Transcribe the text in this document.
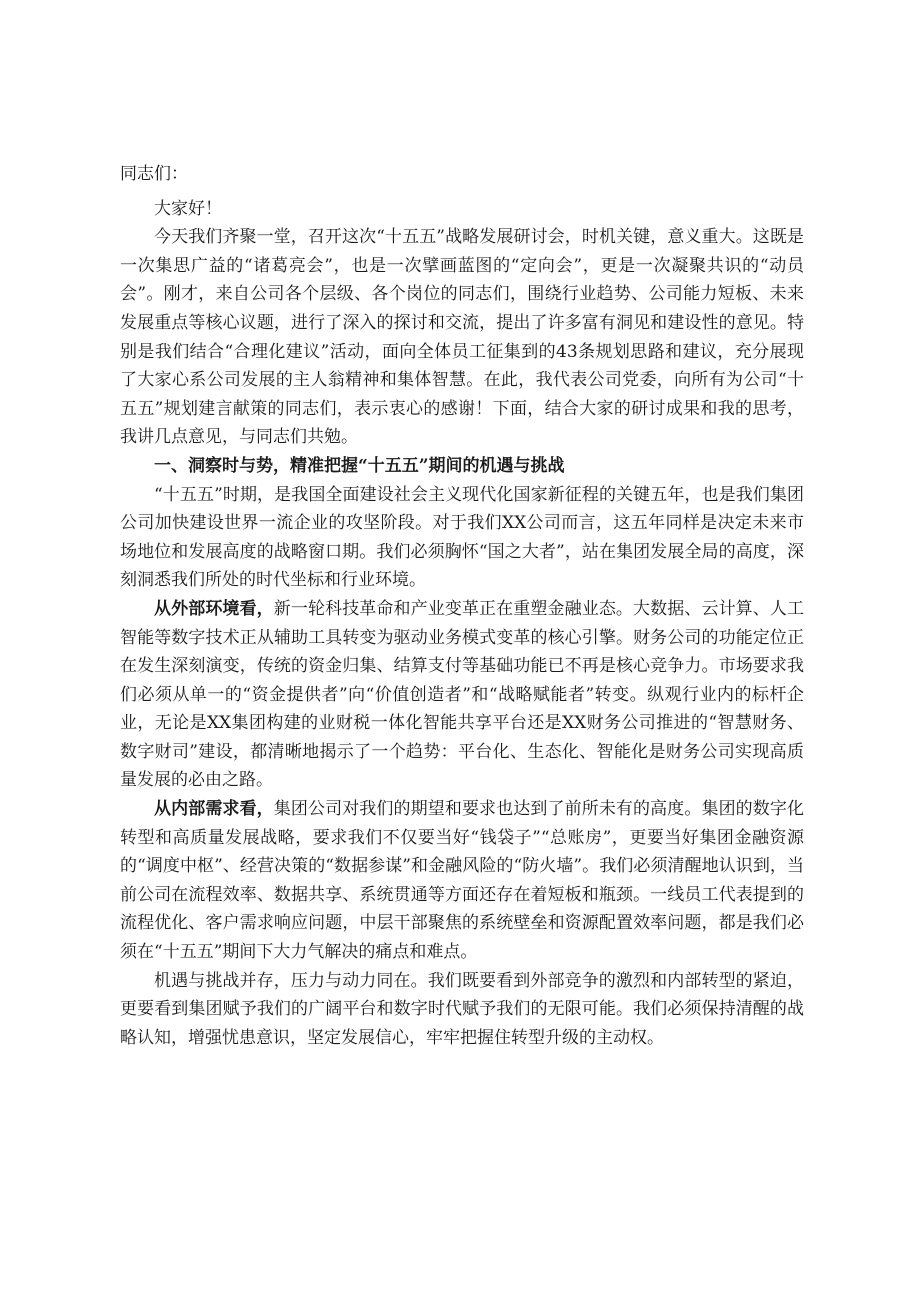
同志们：

大家好！

今天我们齐聚一堂，召开这次“十五五”战略发展研讨会，时机关键，意义重大。这既是一次集思广益的“诸葛亮会”，也是一次擘画蓝图的“定向会”，更是一次凝聚共识的“动员会”。刚才，来自公司各个层级、各个岗位的同志们，围绕行业趋势、公司能力短板、未来发展重点等核心议题，进行了深入的探讨和交流，提出了许多富有洞见和建设性的意见。特别是我们结合“合理化建议”活动，面向全体员工征集到的43条规划思路和建议，充分展现了大家心系公司发展的主人翁精神和集体智慧。在此，我代表公司党委，向所有为公司“十五五”规划建言献策的同志们，表示衷心的感谢！下面，结合大家的研讨成果和我的思考，我讲几点意见，与同志们共勉。

一、洞察时与势，精准把握“十五五”期间的机遇与挑战

“十五五”时期，是我国全面建设社会主义现代化国家新征程的关键五年，也是我们集团公司加快建设世界一流企业的攻坚阶段。对于我们XX公司而言，这五年同样是决定未来市场地位和发展高度的战略窗口期。我们必须胸怀“国之大者”，站在集团发展全局的高度，深刻洞悉我们所处的时代坐标和行业环境。

从外部环境看，新一轮科技革命和产业变革正在重塑金融业态。大数据、云计算、人工智能等数字技术正从辅助工具转变为驱动业务模式变革的核心引擎。财务公司的功能定位正在发生深刻演变，传统的资金归集、结算支付等基础功能已不再是核心竞争力。市场要求我们必须从单一的“资金提供者”向“价值创造者”和“战略赋能者”转变。纵观行业内的标杆企业，无论是XX集团构建的业财税一体化智能共享平台还是XX财务公司推进的“智慧财务、数字财司”建设，都清晰地揭示了一个趋势：平台化、生态化、智能化是财务公司实现高质量发展的必由之路。

从内部需求看，集团公司对我们的期望和要求也达到了前所未有的高度。集团的数字化转型和高质量发展战略，要求我们不仅要当好“钱袋子”“总账房”，更要当好集团金融资源的“调度中枢”、经营决策的“数据参谋”和金融风险的“防火墙”。我们必须清醒地认识到，当前公司在流程效率、数据共享、系统贯通等方面还存在着短板和瓶颈。一线员工代表提到的流程优化、客户需求响应问题，中层干部聚焦的系统壁垒和资源配置效率问题，都是我们必须在“十五五”期间下大力气解决的痛点和难点。

机遇与挑战并存，压力与动力同在。我们既要看到外部竞争的激烈和内部转型的紧迫，更要看到集团赋予我们的广阔平台和数字时代赋予我们的无限可能。我们必须保持清醒的战略认知，增强忧患意识，坚定发展信心，牢牢把握住转型升级的主动权。
